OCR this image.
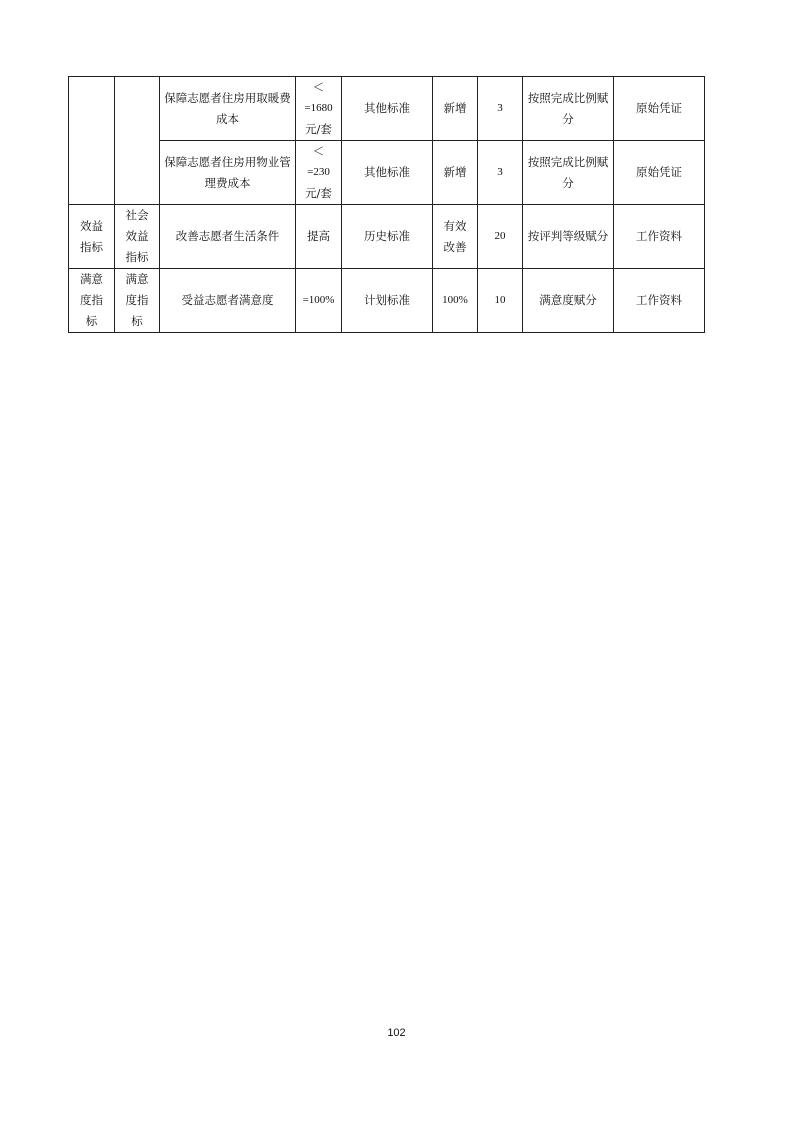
		保障志愿者住房用取暖费
成本	＜
=1680
元/套	其他标准	新增	3	按照完成比例赋
分	原始凭证

		保障志愿者住房用物业管
理费成本	＜
=230
元/套	其他标准	新增	3	按照完成比例赋
分	原始凭证

效益
指标	社会
效益
指标	改善志愿者生活条件	提高	历史标准	有效
改善	20	按评判等级赋分	工作资料

满意
度指
标	满意
度指
标	受益志愿者满意度	=100%	计划标准	100%	10	满意度赋分	工作资料
102
